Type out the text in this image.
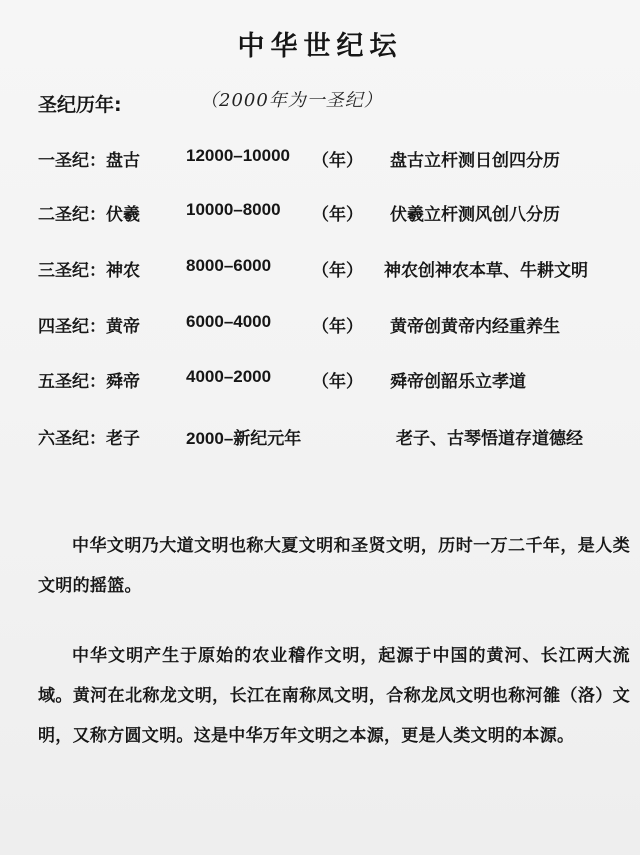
中华世纪坛
圣纪历年:	（2000年为一圣纪）
一圣纪：盘古	12000–10000 （年） 盘古立杆测日创四分历
二圣纪：伏羲	10000–8000 （年） 伏羲立杆测风创八分历
三圣纪：神农	8000–6000 （年） 神农创神农本草、牛耕文明
四圣纪：黄帝	6000–4000 （年） 黄帝创黄帝内经重养生
五圣纪：舜帝	4000–2000 （年） 舜帝创韶乐立孝道
六圣纪：老子	2000–新纪元年	老子、古琴悟道存道德经
中华文明乃大道文明也称大夏文明和圣贤文明，历时一万二千年，是人类文明的摇篮。
中华文明产生于原始的农业稽作文明，起源于中国的黄河、长江两大流域。黄河在北称龙文明，长江在南称凤文明，合称龙凤文明也称河雒（洛）文明，又称方圆文明。这是中华万年文明之本源，更是人类文明的本源。
